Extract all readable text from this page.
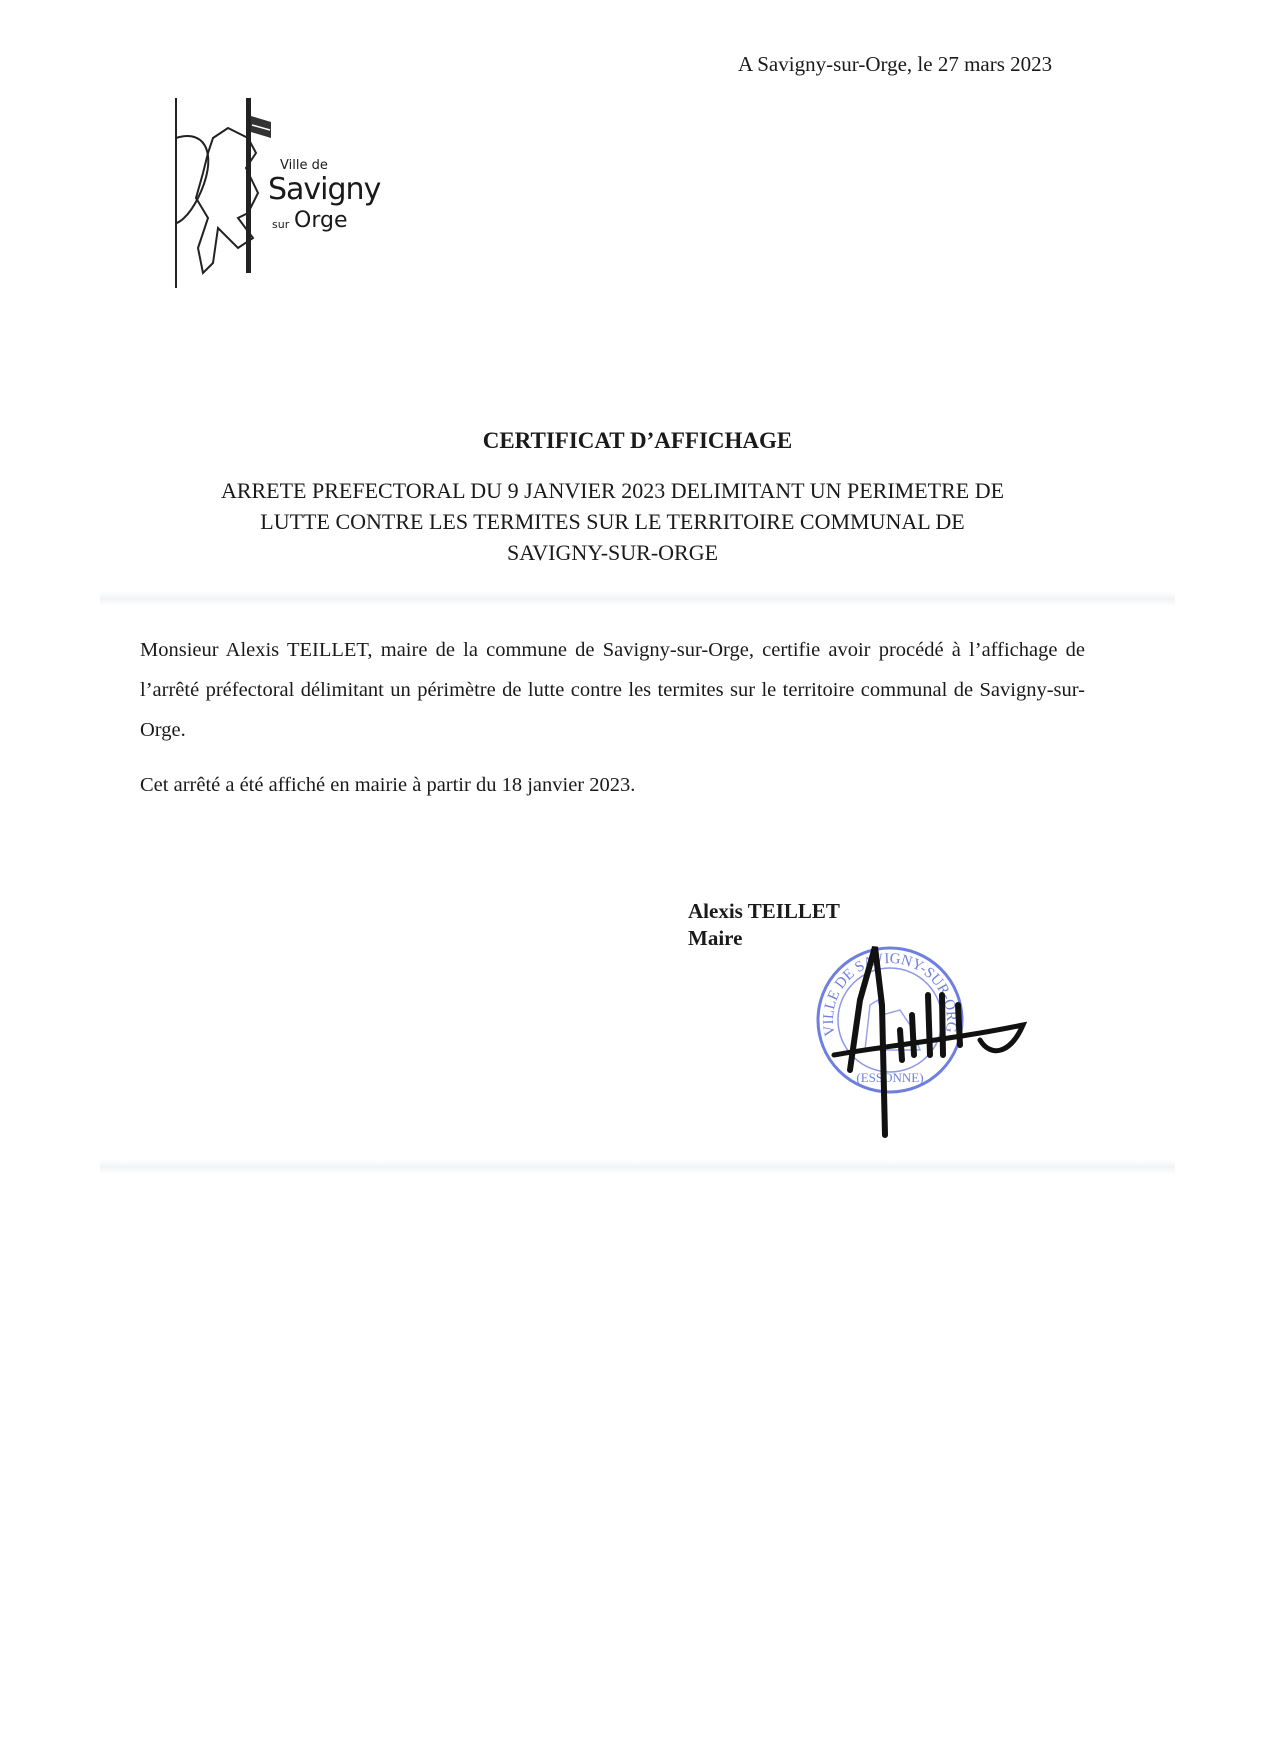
A Savigny-sur-Orge, le 27 mars 2023
Ville de
Savigny
sur Orge
CERTIFICAT D’AFFICHAGE
ARRETE PREFECTORAL DU 9 JANVIER 2023 DELIMITANT UN PERIMETRE DE
LUTTE CONTRE LES TERMITES SUR LE TERRITOIRE COMMUNAL DE
SAVIGNY-SUR-ORGE
Monsieur Alexis TEILLET, maire de la commune de Savigny-sur-Orge, certifie avoir procédé à l’affichage de l’arrêté préfectoral délimitant un périmètre de lutte contre les termites sur le territoire communal de Savigny-sur-Orge.
Cet arrêté a été affiché en mairie à partir du 18 janvier 2023.
Alexis TEILLET
Maire
VILLE DE SAVIGNY-SUR-ORG
(ESSONNE)
